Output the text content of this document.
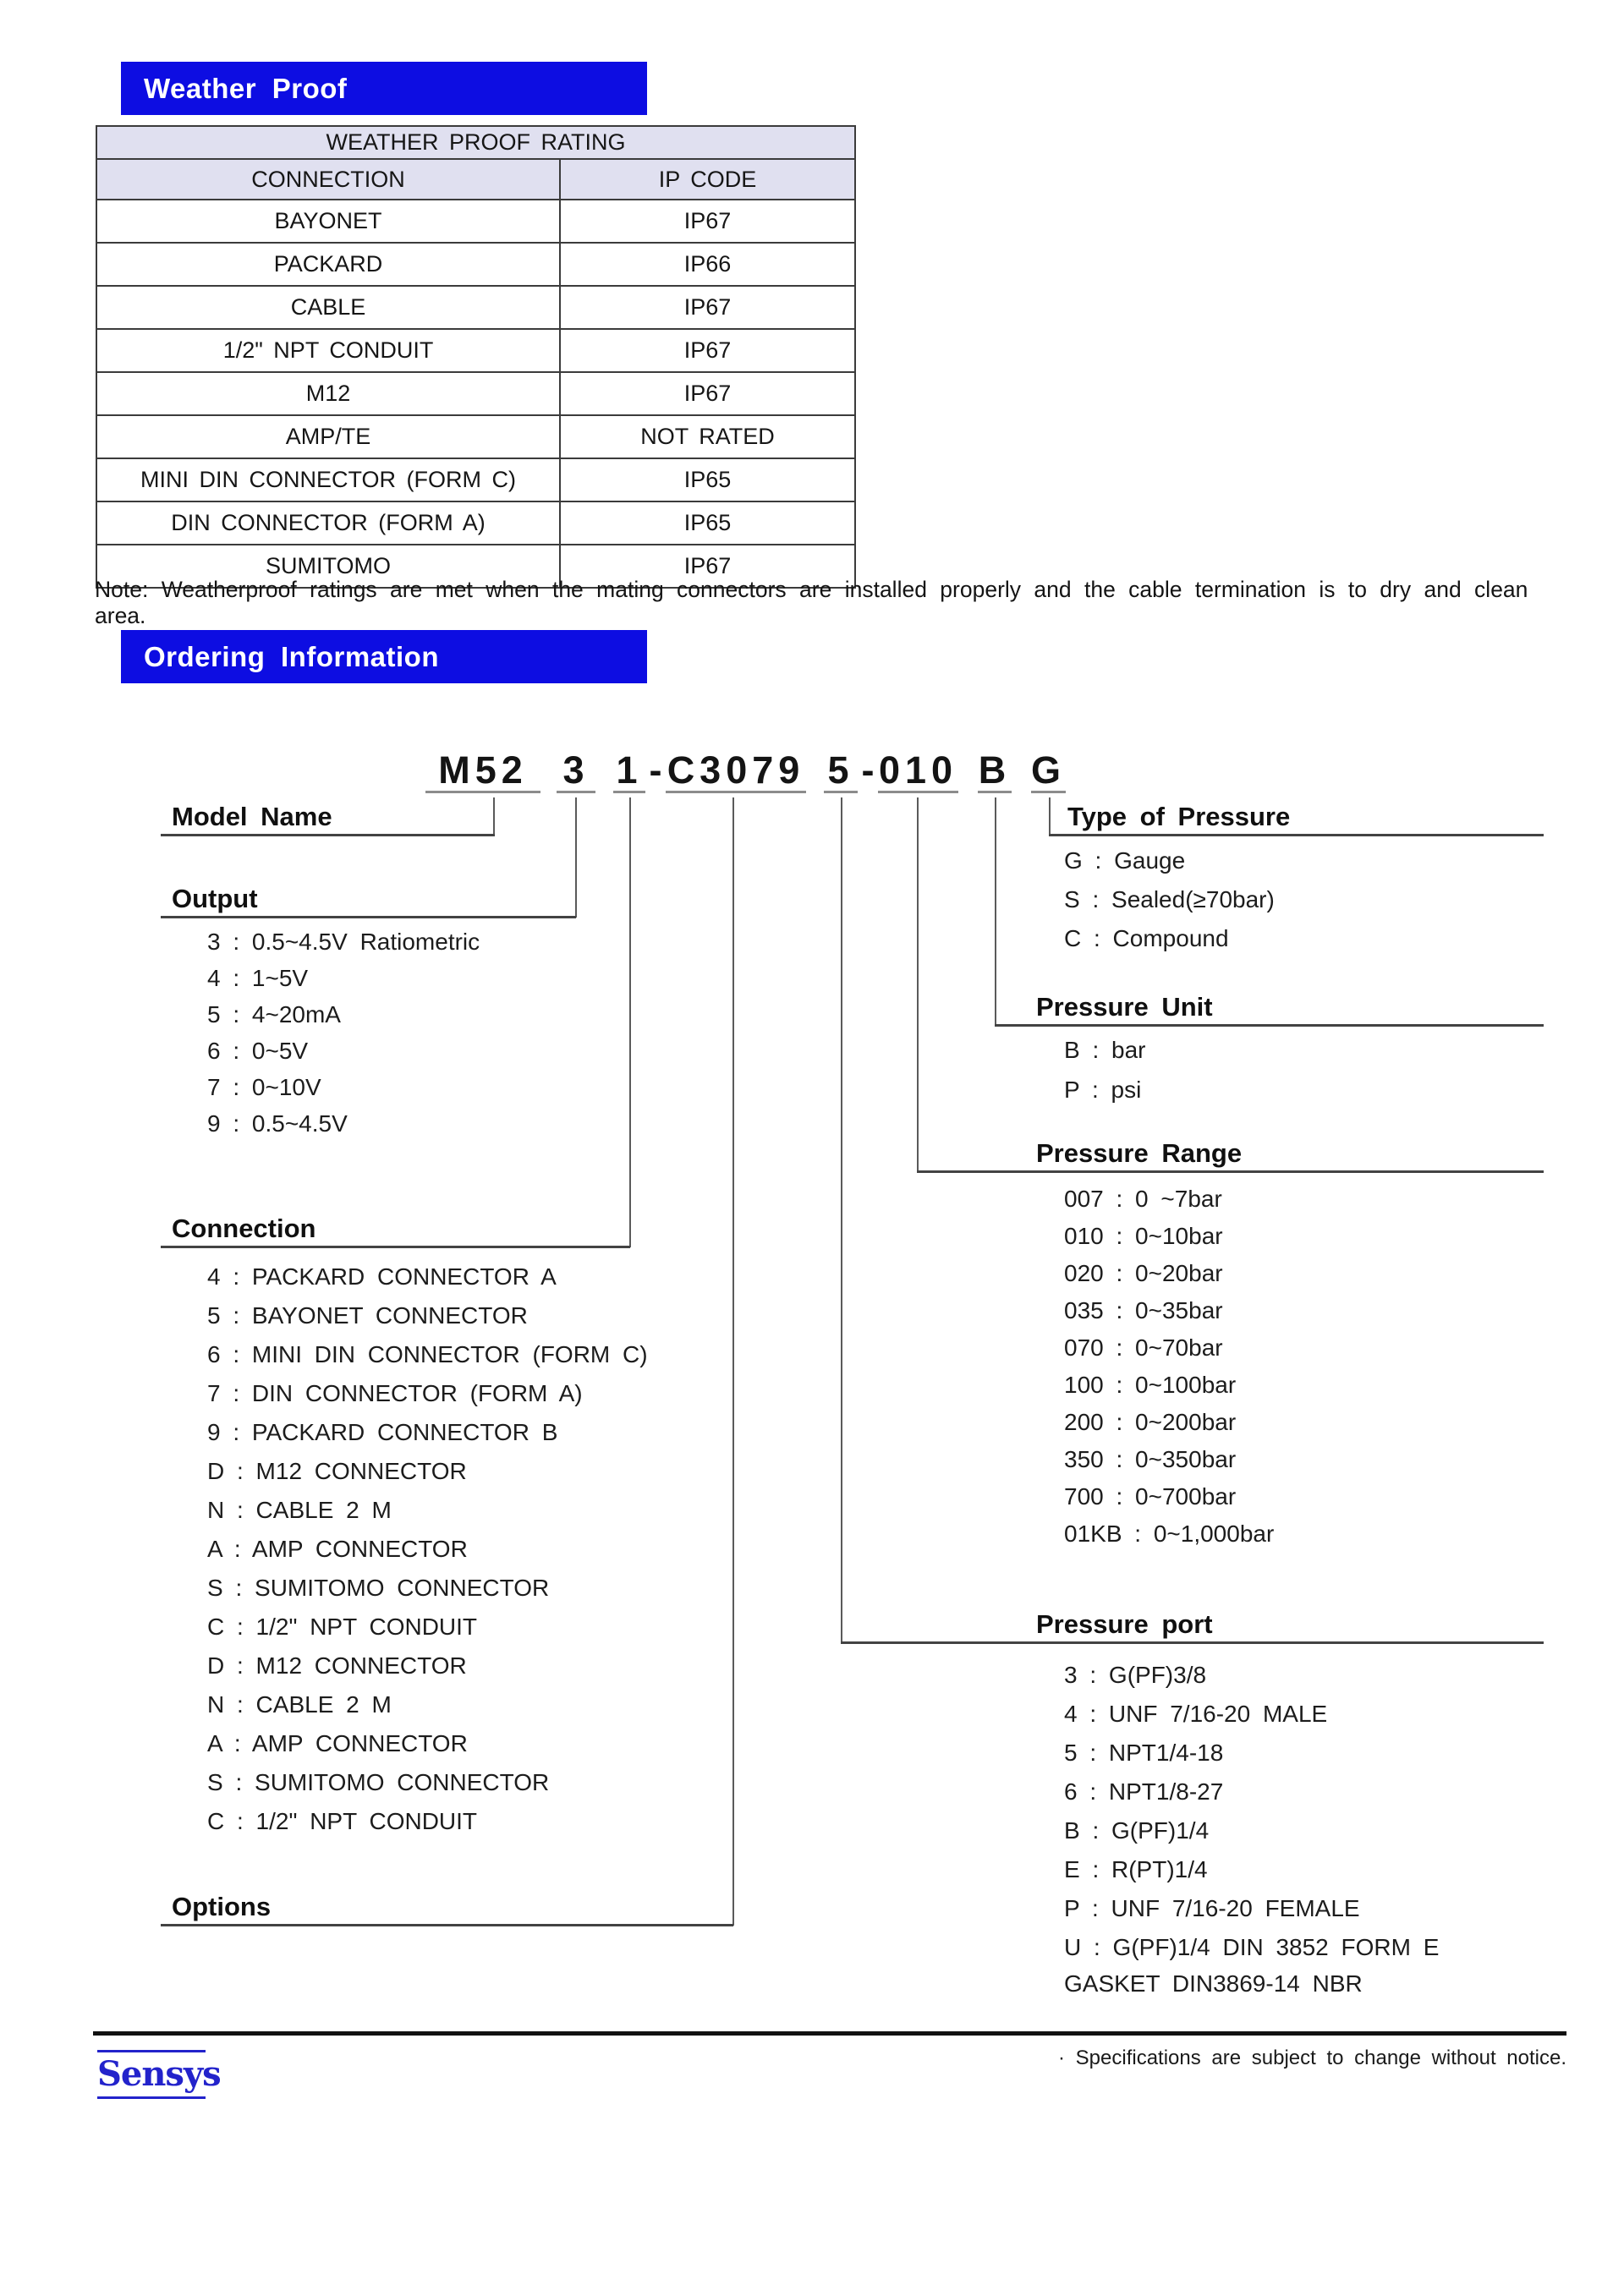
Weather Proof
WEATHER PROOF RATING	
CONNECTION	IP CODE
BAYONET	IP67
PACKARD	IP66
CABLE	IP67
1/2" NPT CONDUIT	IP67
M12	IP67
AMP/TE	NOT RATED
MINI DIN CONNECTOR (FORM C)	IP65
DIN CONNECTOR (FORM A)	IP65
SUMITOMO	IP67
Note: Weatherproof ratings are met when the mating connectors are installed properly and the cable termination is to dry and clean area.
Ordering Information
M52 3 1 - C3079 5 - 010 B G
Model Name
Output
Connection
Options
Type of Pressure
Pressure Unit
Pressure Range
Pressure port
3 : 0.5~4.5V Ratiometric
4 : 1~5V
5 : 4~20mA
6 : 0~5V
7 : 0~10V
9 : 0.5~4.5V
4 : PACKARD CONNECTOR A
5 : BAYONET CONNECTOR
6 : MINI DIN CONNECTOR (FORM C)
7 : DIN CONNECTOR (FORM A)
9 : PACKARD CONNECTOR B
D : M12 CONNECTOR
N : CABLE 2 M
A : AMP CONNECTOR
S : SUMITOMO CONNECTOR
C : 1/2" NPT CONDUIT
D : M12 CONNECTOR
N : CABLE 2 M
A : AMP CONNECTOR
S : SUMITOMO CONNECTOR
C : 1/2" NPT CONDUIT
G : Gauge
S : Sealed(≥70bar)
C : Compound
B : bar
P : psi
007 : 0 ~7bar
010 : 0~10bar
020 : 0~20bar
035 : 0~35bar
070 : 0~70bar
100 : 0~100bar
200 : 0~200bar
350 : 0~350bar
700 : 0~700bar
01KB : 0~1,000bar
3 : G(PF)3/8
4 : UNF 7/16-20 MALE
5 : NPT1/4-18
6 : NPT1/8-27
B : G(PF)1/4
E : R(PT)1/4
P : UNF 7/16-20 FEMALE
U : G(PF)1/4 DIN 3852 FORM E
GASKET DIN3869-14 NBR
· Specifications are subject to change without notice.
Sensys
